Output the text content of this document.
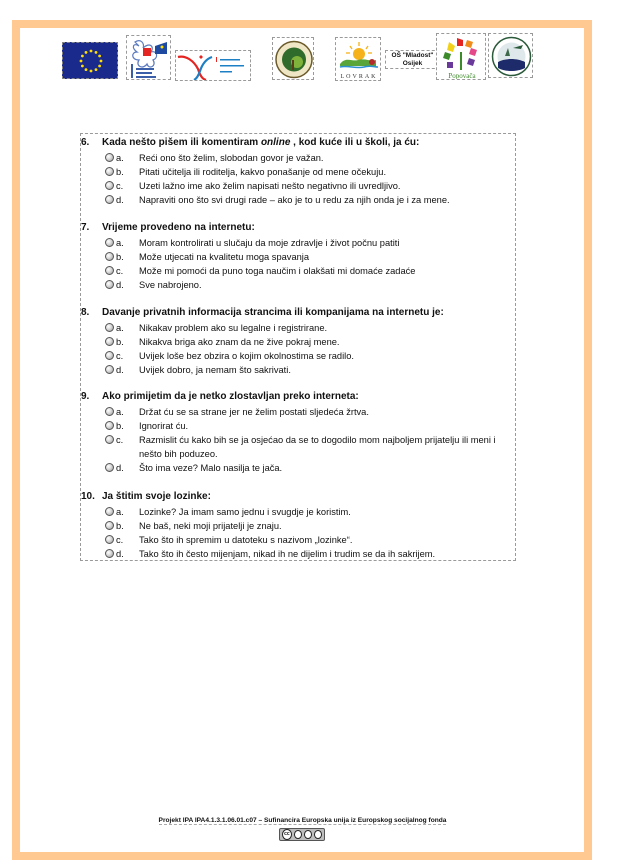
LOVRAK
OŠ "Mladost" Osijek
Popovača
6. Kada nešto pišem ili komentiram online , kod kuće ili u školi, ja ću:
a. Reći ono što želim, slobodan govor je važan.
b. Pitati učitelja ili roditelja, kakvo ponašanje od mene očekuju.
c. Uzeti lažno ime ako želim napisati nešto negativno ili uvredljivo.
d. Napraviti ono što svi drugi rade – ako je to u redu za njih onda je i za mene.
7. Vrijeme provedeno na internetu:
a. Moram kontrolirati u slučaju da moje zdravlje i život počnu patiti
b. Može utjecati na kvalitetu moga spavanja
c. Može mi pomoći da puno toga naučim i olakšati mi domaće zadaće
d. Sve nabrojeno.
8. Davanje privatnih informacija strancima ili kompanijama na internetu je:
a. Nikakav problem ako su legalne i registrirane.
b. Nikakva briga ako znam da ne žive pokraj mene.
c. Uvijek loše bez obzira o kojim okolnostima se radilo.
d. Uvijek dobro, ja nemam što sakrivati.
9. Ako primijetim da je netko zlostavljan preko interneta:
a. Držat ću se sa strane jer ne želim postati sljedeća žrtva.
b. Ignorirat ću.
c. Razmislit ću kako bih se ja osjećao da se to dogodilo mom najboljem prijatelju ili meni i nešto bih poduzeo.
d. Što ima veze? Malo nasilja te jača.
10. Ja štitim svoje lozinke:
a. Lozinke? Ja imam samo jednu i svugdje je koristim.
b. Ne baš, neki moji prijatelji je znaju.
c. Tako što ih spremim u datoteku s nazivom „lozinke“.
d. Tako što ih često mijenjam, nikad ih ne dijelim i trudim se da ih sakrijem.
Projekt IPA IPA4.1.3.1.06.01.c07 – Sufinancira Europska unija iz Europskog socijalnog fonda
cc
